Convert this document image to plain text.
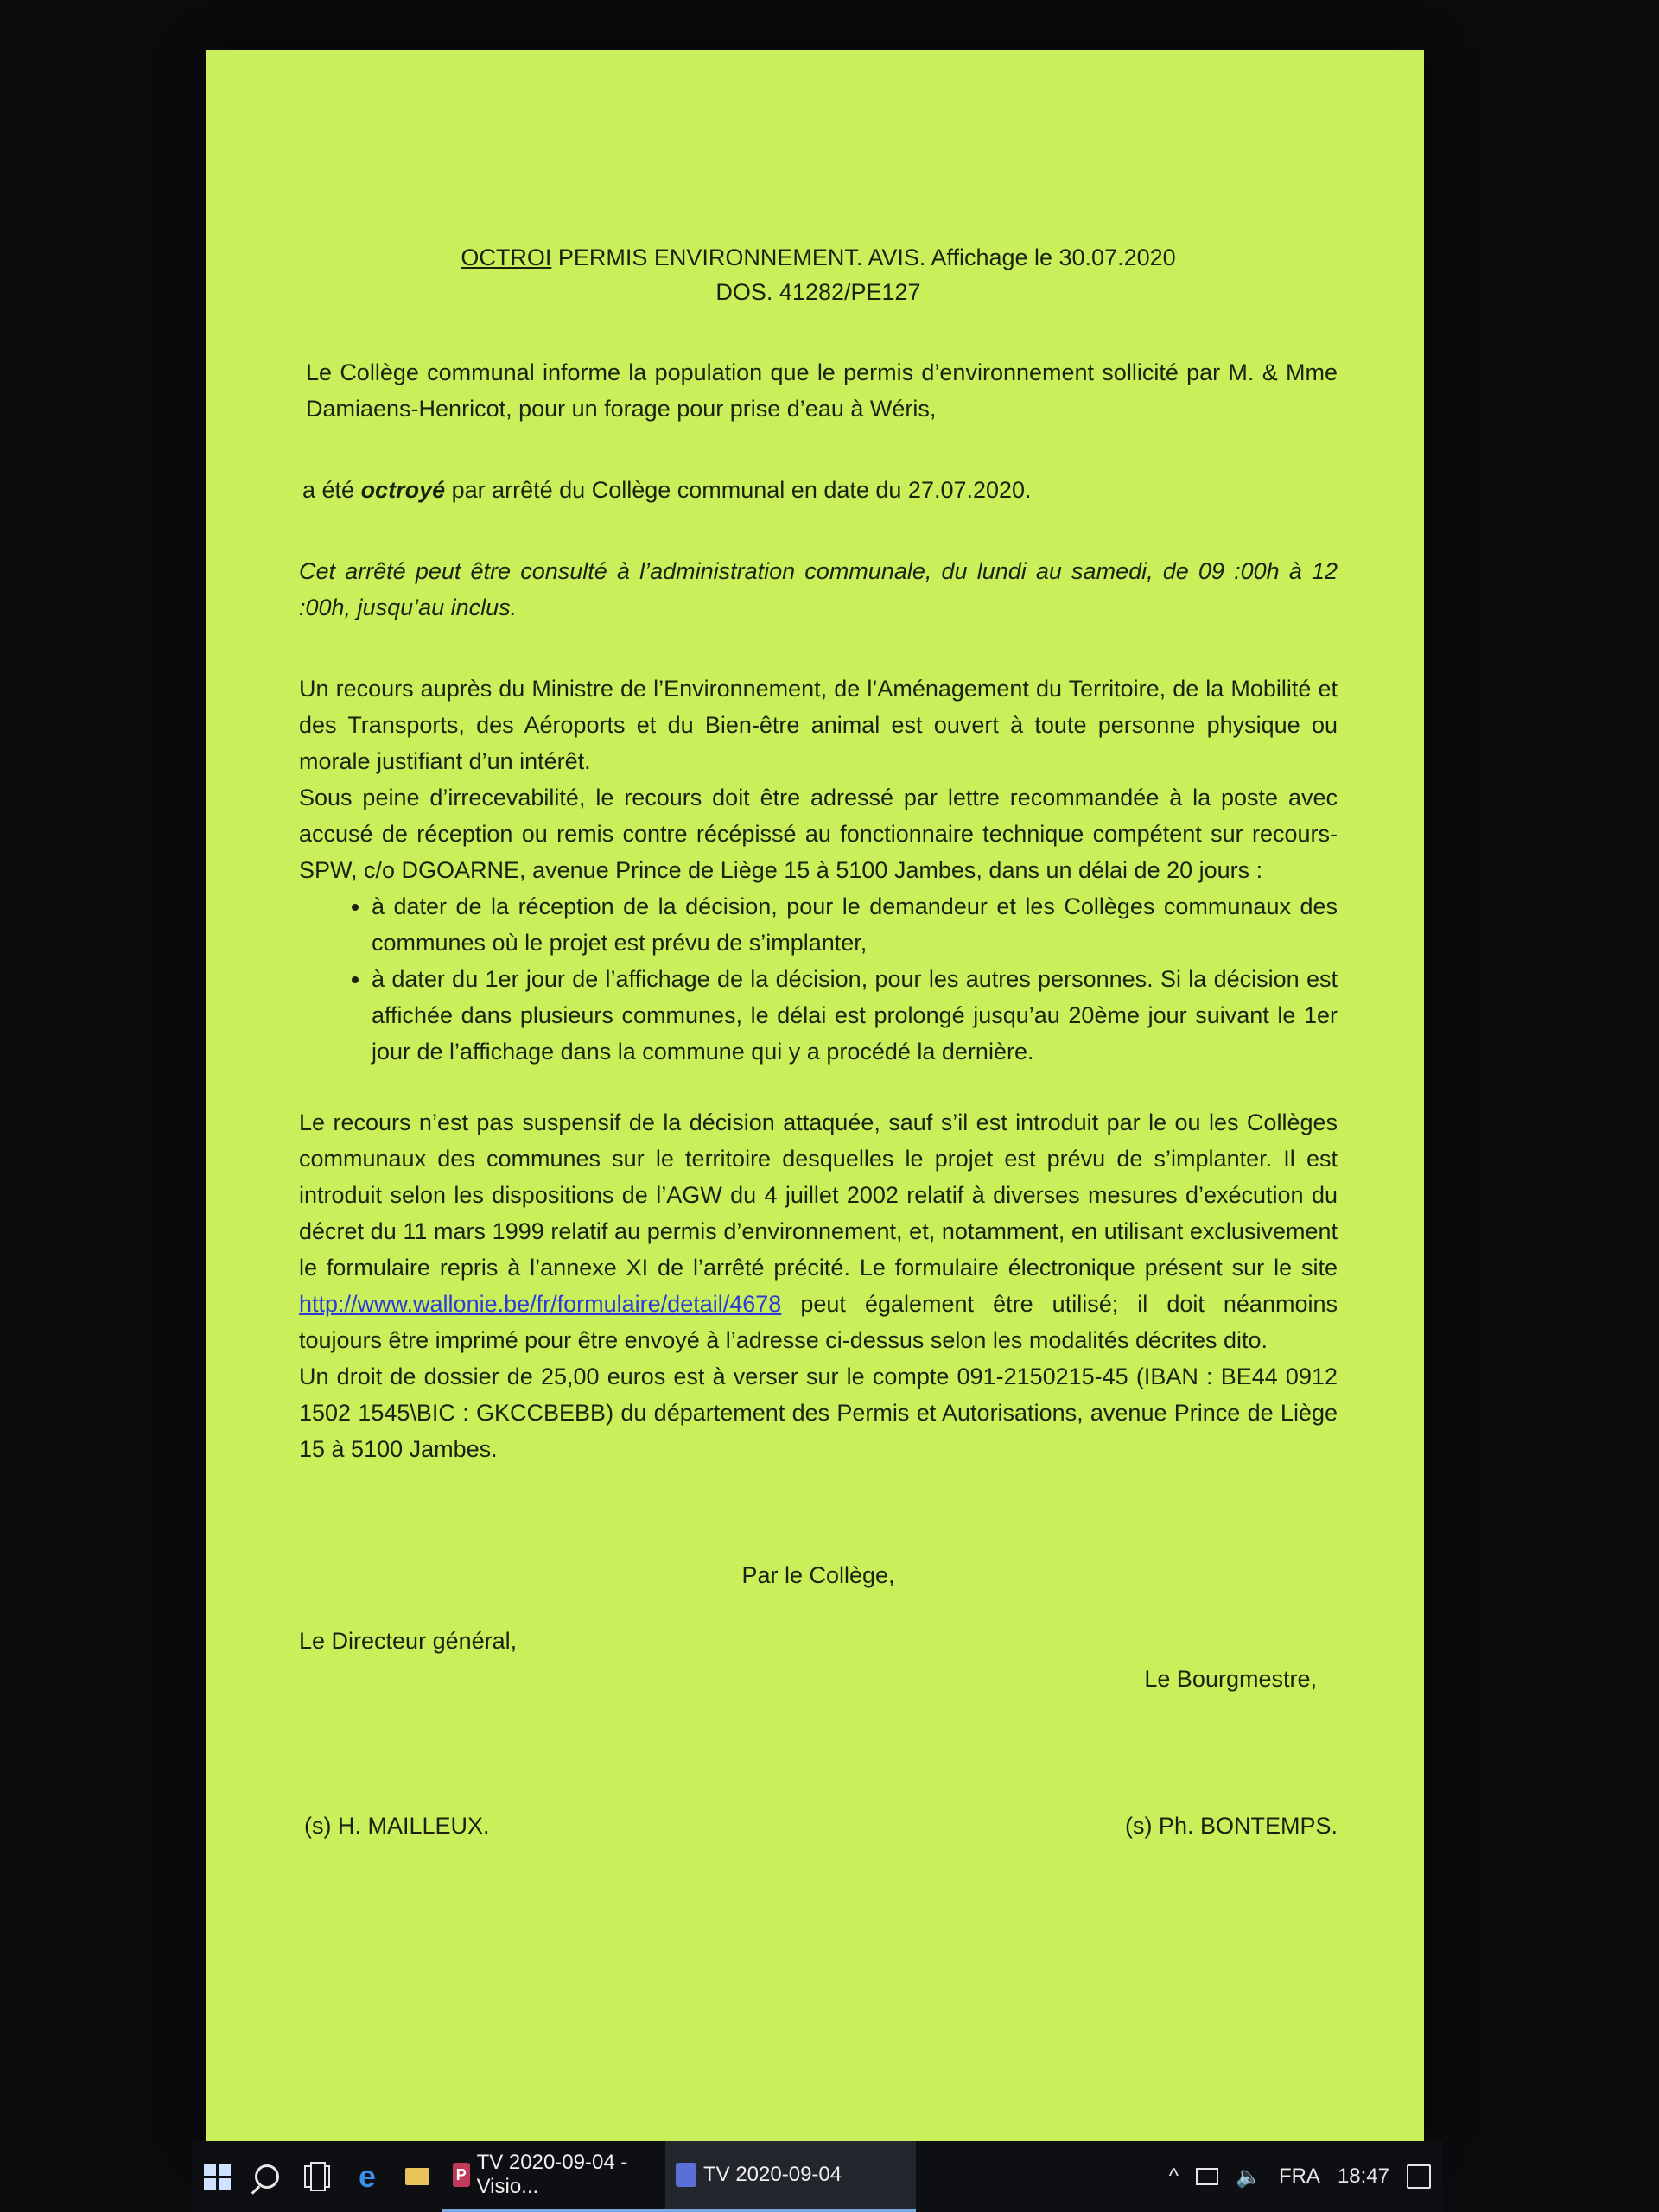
OCTROI PERMIS ENVIRONNEMENT. AVIS. Affichage le 30.07.2020
DOS. 41282/PE127

Le Collège communal informe la population que le permis d’environnement sollicité par M. & Mme Damiaens-Henricot, pour un forage pour prise d’eau à Wéris,

a été octroyé par arrêté du Collège communal en date du 27.07.2020.

Cet arrêté peut être consulté à l’administration communale, du lundi au samedi, de 09 :00h à 12 :00h, jusqu’au inclus.

Un recours auprès du Ministre de l’Environnement, de l’Aménagement du Territoire, de la Mobilité et des Transports, des Aéroports et du Bien-être animal est ouvert à toute personne physique ou morale justifiant d’un intérêt.

Sous peine d’irrecevabilité, le recours doit être adressé par lettre recommandée à la poste avec accusé de réception ou remis contre récépissé au fonctionnaire technique compétent sur recours-SPW, c/o DGOARNE, avenue Prince de Liège 15 à 5100 Jambes, dans un délai de 20 jours :

• à dater de la réception de la décision, pour le demandeur et les Collèges communaux des communes où le projet est prévu de s’implanter,
• à dater du 1er jour de l’affichage de la décision, pour les autres personnes. Si la décision est affichée dans plusieurs communes, le délai est prolongé jusqu’au 20ème jour suivant le 1er jour de l’affichage dans la commune qui y a procédé la dernière.

Le recours n’est pas suspensif de la décision attaquée, sauf s’il est introduit par le ou les Collèges communaux des communes sur le territoire desquelles le projet est prévu de s’implanter. Il est introduit selon les dispositions de l’AGW du 4 juillet 2002 relatif à diverses mesures d’exécution du décret du 11 mars 1999 relatif au permis d’environnement, et, notamment, en utilisant exclusivement le formulaire repris à l’annexe XI de l’arrêté précité. Le formulaire électronique présent sur le site http://www.wallonie.be/fr/formulaire/detail/4678 peut également être utilisé; il doit néanmoins toujours être imprimé pour être envoyé à l’adresse ci-dessus selon les modalités décrites dito.

Un droit de dossier de 25,00 euros est à verser sur le compte 091-2150215-45 (IBAN : BE44 0912 1502 1545\BIC : GKCCBEBB) du département des Permis et Autorisations, avenue Prince de Liège 15 à 5100 Jambes.

Par le Collège,

Le Directeur général,

Le Bourgmestre,

(s) H. MAILLEUX.	(s) Ph. BONTEMPS.
e	P
TV 2020-09-04 - Visio...
TV 2020-09-04	^	🔈 FRA 18:47
